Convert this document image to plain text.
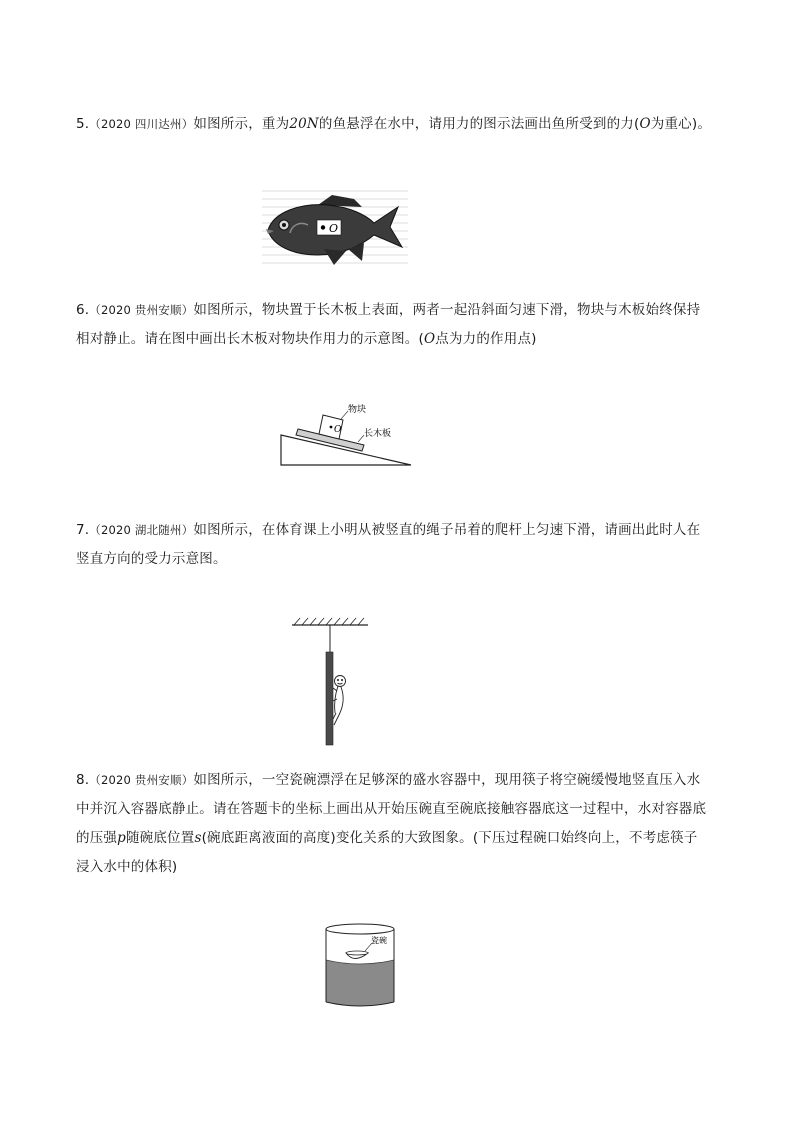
5.（2020 四川达州）如图所示，重为20N的鱼悬浮在水中，请用力的图示法画出鱼所受到的力(O为重心)。
O
6.（2020 贵州安顺）如图所示，物块置于长木板上表面，两者一起沿斜面匀速下滑，物块与木板始终保持
相对静止。请在图中画出长木板对物块作用力的示意图。(O点为力的作用点)
O
物块
长木板
7.（2020 湖北随州）如图所示，在体育课上小明从被竖直的绳子吊着的爬杆上匀速下滑，请画出此时人在
竖直方向的受力示意图。
8.（2020 贵州安顺）如图所示，一空瓷碗漂浮在足够深的盛水容器中，现用筷子将空碗缓慢地竖直压入水
中并沉入容器底静止。请在答题卡的坐标上画出从开始压碗直至碗底接触容器底这一过程中，水对容器底
的压强p随碗底位置s(碗底距离液面的高度)变化关系的大致图象。(下压过程碗口始终向上，不考虑筷子
浸入水中的体积)
瓷碗
